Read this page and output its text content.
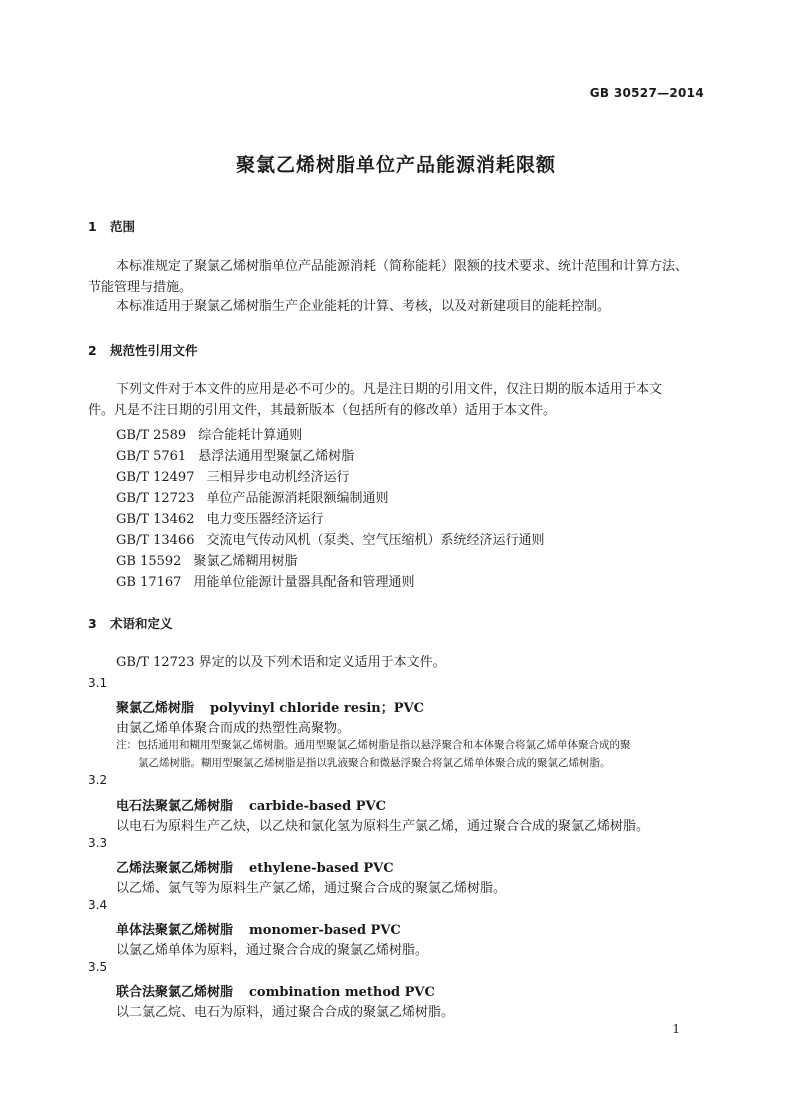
GB 30527—2014
聚氯乙烯树脂单位产品能源消耗限额
1 范围
本标准规定了聚氯乙烯树脂单位产品能源消耗（简称能耗）限额的技术要求、统计范围和计算方法、
节能管理与措施。
本标准适用于聚氯乙烯树脂生产企业能耗的计算、考核，以及对新建项目的能耗控制。
2 规范性引用文件
下列文件对于本文件的应用是必不可少的。凡是注日期的引用文件，仅注日期的版本适用于本文
件。凡是不注日期的引用文件，其最新版本（包括所有的修改单）适用于本文件。
GB/T 2589 综合能耗计算通则
GB/T 5761 悬浮法通用型聚氯乙烯树脂
GB/T 12497 三相异步电动机经济运行
GB/T 12723 单位产品能源消耗限额编制通则
GB/T 13462 电力变压器经济运行
GB/T 13466 交流电气传动风机（泵类、空气压缩机）系统经济运行通则
GB 15592 聚氯乙烯糊用树脂
GB 17167 用能单位能源计量器具配备和管理通则
3 术语和定义
GB/T 12723 界定的以及下列术语和定义适用于本文件。
3.1
聚氯乙烯树脂 polyvinyl chloride resin；PVC
由氯乙烯单体聚合而成的热塑性高聚物。
注：包括通用和糊用型聚氯乙烯树脂。通用型聚氯乙烯树脂是指以悬浮聚合和本体聚合将氯乙烯单体聚合成的聚
氯乙烯树脂。糊用型聚氯乙烯树脂是指以乳液聚合和微悬浮聚合将氯乙烯单体聚合成的聚氯乙烯树脂。
3.2
电石法聚氯乙烯树脂 carbide-based PVC
以电石为原料生产乙炔，以乙炔和氯化氢为原料生产氯乙烯，通过聚合合成的聚氯乙烯树脂。
3.3
乙烯法聚氯乙烯树脂 ethylene-based PVC
以乙烯、氯气等为原料生产氯乙烯，通过聚合合成的聚氯乙烯树脂。
3.4
单体法聚氯乙烯树脂 monomer-based PVC
以氯乙烯单体为原料，通过聚合合成的聚氯乙烯树脂。
3.5
联合法聚氯乙烯树脂 combination method PVC
以二氯乙烷、电石为原料，通过聚合合成的聚氯乙烯树脂。
1
